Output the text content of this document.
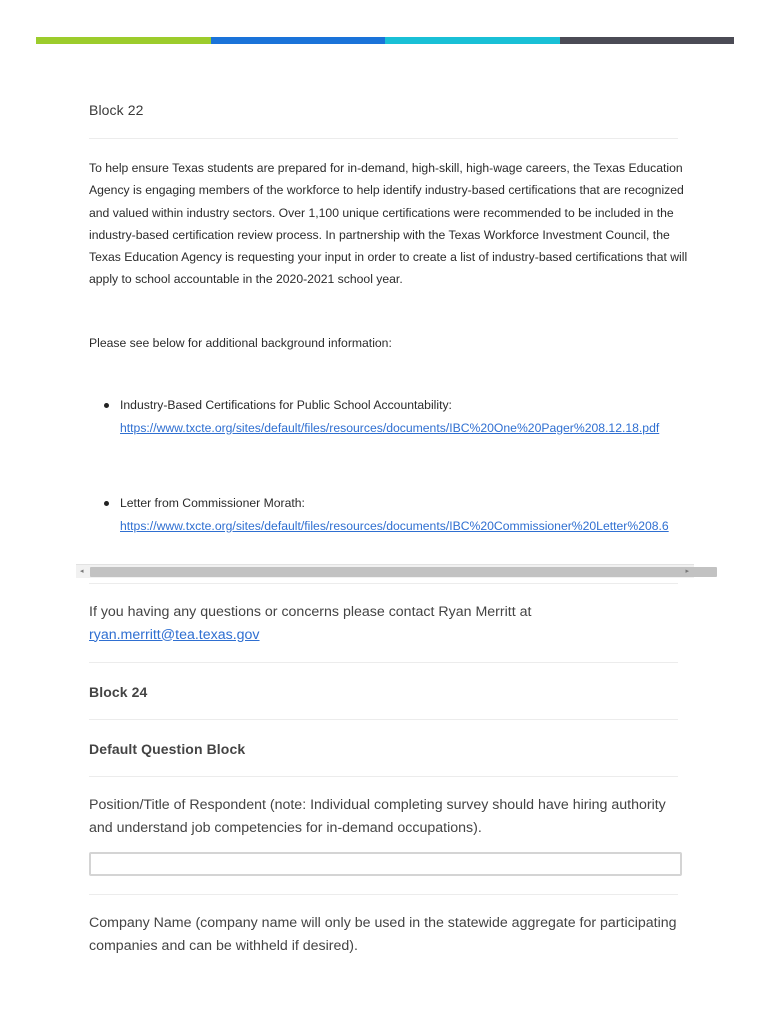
Block 22
To help ensure Texas students are prepared for in-demand, high-skill, high-wage careers, the Texas Education Agency is engaging members of the workforce to help identify industry-based certifications that are recognized and valued within industry sectors. Over 1,100 unique certifications were recommended to be included in the industry-based certification review process. In partnership with the Texas Workforce Investment Council, the Texas Education Agency is requesting your input in order to create a list of industry-based certifications that will apply to school accountable in the 2020-2021 school year.
Please see below for additional background information:
Industry-Based Certifications for Public School Accountability:
https://www.txcte.org/sites/default/files/resources/documents/IBC%20One%20Pager%208.12.18.pdf
Letter from Commissioner Morath:
https://www.txcte.org/sites/default/files/resources/documents/IBC%20Commissioner%20Letter%208.6
◂	▸
If you having any questions or concerns please contact Ryan Merritt at
ryan.merritt@tea.texas.gov
Block 24
Default Question Block
Position/Title of Respondent (note: Individual completing survey should have hiring authority and understand job competencies for in-demand occupations).
Company Name (company name will only be used in the statewide aggregate for participating companies and can be withheld if desired).
